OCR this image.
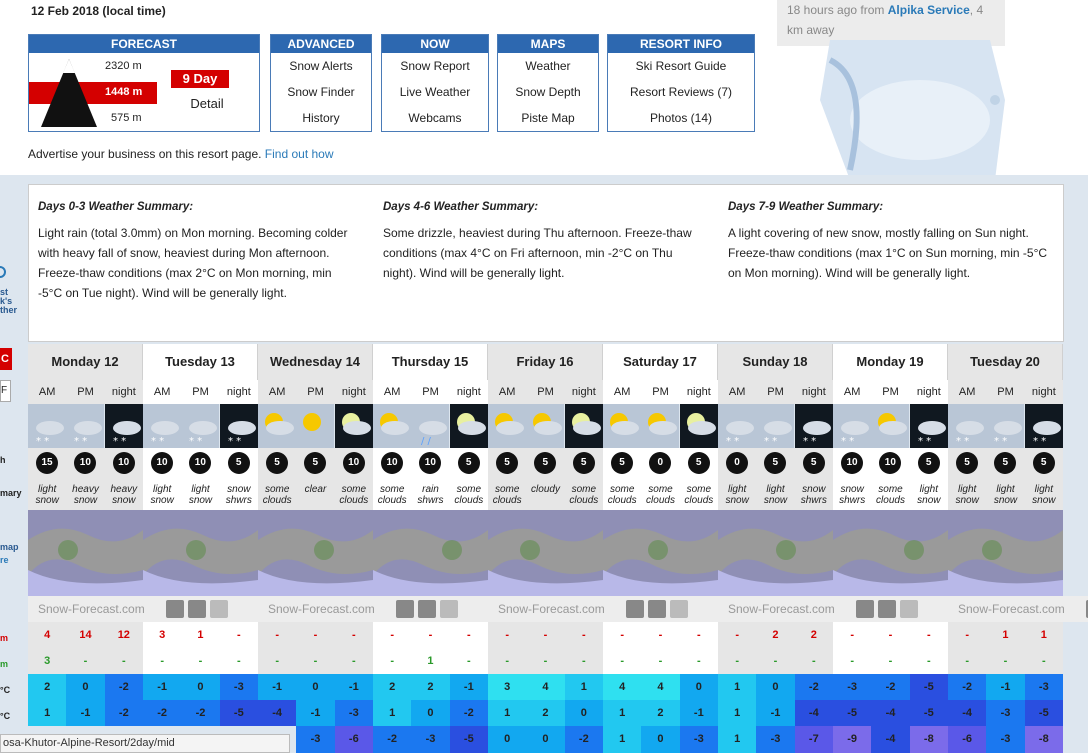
12 Feb 2018 (local time)	18 hours ago from Alpika Service, 4 km away
FORECAST
2320 m
1448 m
575 m
9 Day
Detail
ADVANCED
Snow Alerts
Snow Finder
History
NOW
Snow Report
Live Weather
Webcams
MAPS
Weather
Snow Depth
Piste Map
RESORT INFO
Ski Resort Guide
Resort Reviews (7)
Photos (14)
Advertise your business on this resort page. Find out how
st
k's
ther
C
F
h
mary
map
re
m
m
°C
°C
Days 0-3 Weather Summary:
Light rain (total 3.0mm) on Mon morning. Becoming colder with heavy fall of snow, heaviest during Mon afternoon. Freeze-thaw conditions (max 2°C on Mon morning, min -5°C on Tue night). Wind will be generally light.
Days 4-6 Weather Summary:
Some drizzle, heaviest during Thu afternoon. Freeze-thaw conditions (max 4°C on Fri afternoon, min -2°C on Thu night). Wind will be generally light.
Days 7-9 Weather Summary:
A light covering of new snow, mostly falling on Sun night. Freeze-thaw conditions (max 1°C on Sun morning, min -5°C on Mon morning). Wind will be generally light.
Monday 12
AM
* *
15
light snow
4
3
2
1
PM
* *
10
heavy snow
14
-
0
-1
night
* *
10
heavy snow
12
-
-2
-2
Snow-Forecast.com
Tuesday 13
AM
* *
10
light snow
3
-
-1
-2
PM
* *
10
light snow
1
-
0
-2
night
* *
5
snow shwrs
-
-
-3
-5
Wednesday 14
AM
5
some clouds
-
-
-1
-4
PM
5
clear
-
-
0
-1
-3
night
10
some clouds
-
-
-1
-3
-6
Snow-Forecast.com
Thursday 15
AM
10
some clouds
-
-
2
1
-2
PM
/ /
10
rain shwrs
-
1
2
0
-3
night
5
some clouds
-
-
-1
-2
-5
Friday 16
AM
5
some clouds
-
-
3
1
0
PM
5
cloudy
-
-
4
2
0
night
5
some clouds
-
-
1
0
-2
Snow-Forecast.com
Saturday 17
AM
5
some clouds
-
-
4
1
1
PM
0
some clouds
-
-
4
2
0
night
5
some clouds
-
-
0
-1
-3
Sunday 18
AM
* *
0
light snow
-
-
1
1
1
PM
* *
5
light snow
2
-
0
-1
-3
night
* *
5
snow shwrs
2
-
-2
-4
-7
Snow-Forecast.com
Monday 19
AM
* *
10
snow shwrs
-
-
-3
-5
-9
PM
10
some clouds
-
-
-2
-4
-4
night
* *
5
light snow
-
-
-5
-5
-8
Tuesday 20
AM
* *
5
light snow
-
-
-2
-4
-6
PM
* *
5
light snow
1
-
-1
-3
-3
night
* *
5
light snow
1
-
-3
-5
-8
Snow-Forecast.com
osa-Khutor-Alpine-Resort/2day/mid
